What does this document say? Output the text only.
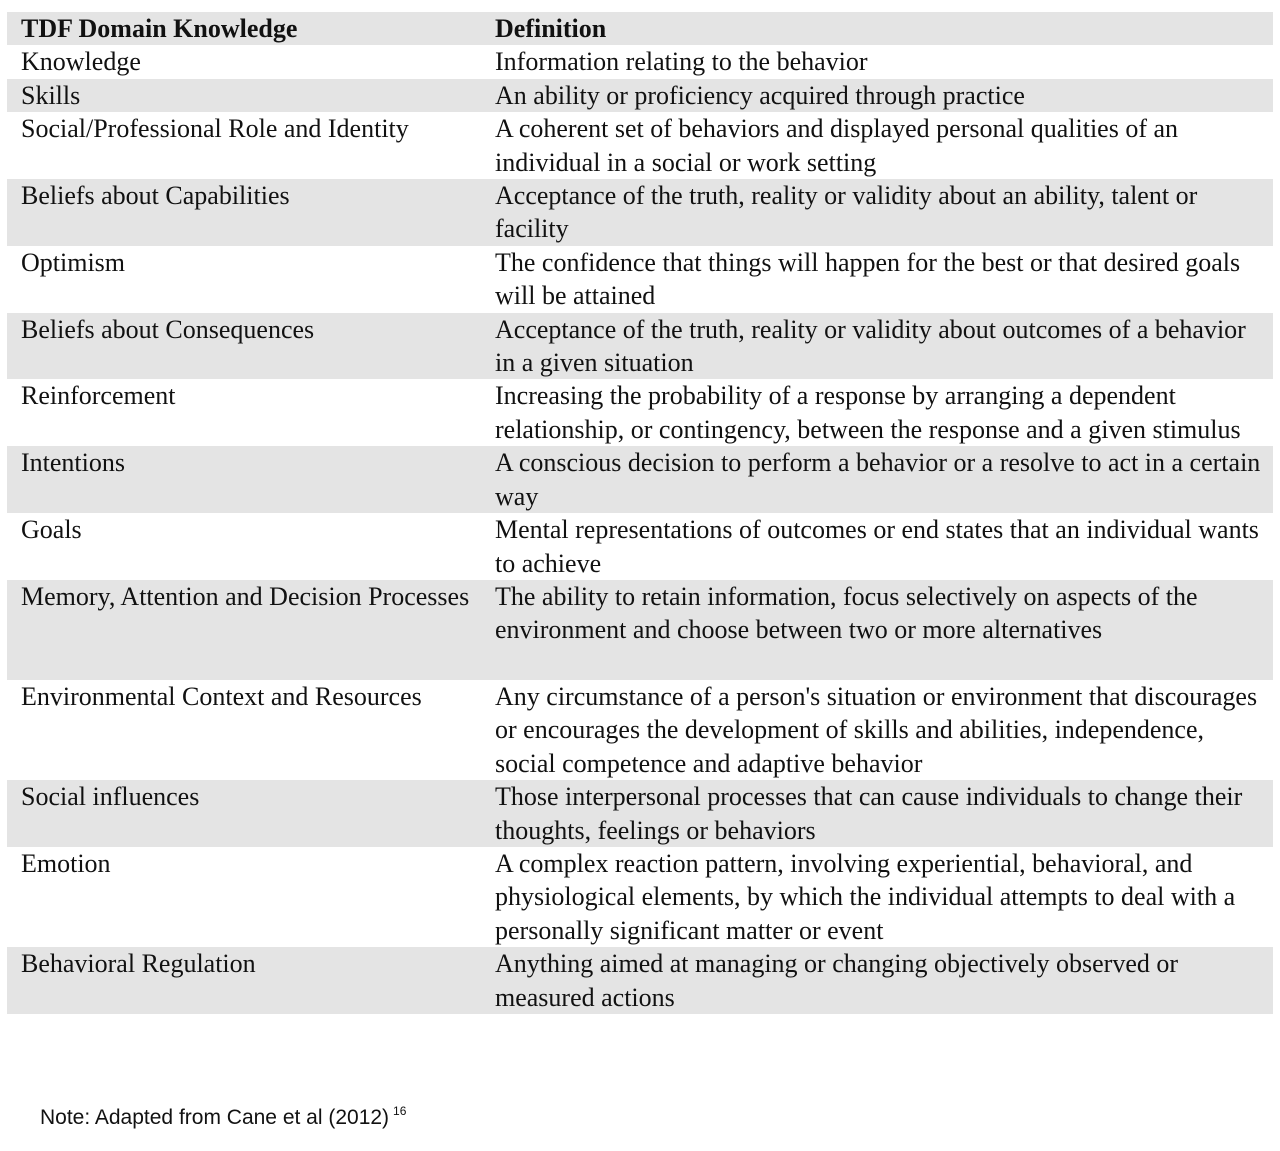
TDF Domain Knowledge	Definition
Knowledge	Information relating to the behavior
Skills	An ability or proficiency acquired through practice
Social/Professional Role and Identity	A coherent set of behaviors and displayed personal qualities of an individual in a social or work setting
Beliefs about Capabilities	Acceptance of the truth, reality or validity about an ability, talent or facility
Optimism	The confidence that things will happen for the best or that desired goals will be attained
Beliefs about Consequences	Acceptance of the truth, reality or validity about outcomes of a behavior in a given situation
Reinforcement	Increasing the probability of a response by arranging a dependent relationship, or contingency, between the response and a given stimulus
Intentions	A conscious decision to perform a behavior or a resolve to act in a certain way
Goals	Mental representations of outcomes or end states that an individual wants to achieve
Memory, Attention and Decision Processes	The ability to retain information, focus selectively on aspects of the environment and choose between two or more alternatives
Environmental Context and Resources	Any circumstance of a person's situation or environment that discourages or encourages the development of skills and abilities, independence, social competence and adaptive behavior
Social influences	Those interpersonal processes that can cause individuals to change their thoughts, feelings or behaviors
Emotion	A complex reaction pattern, involving experiential, behavioral, and physiological elements, by which the individual attempts to deal with a personally significant matter or event
Behavioral Regulation	Anything aimed at managing or changing objectively observed or measured actions
Note: Adapted from Cane et al (2012) $^{16}$
